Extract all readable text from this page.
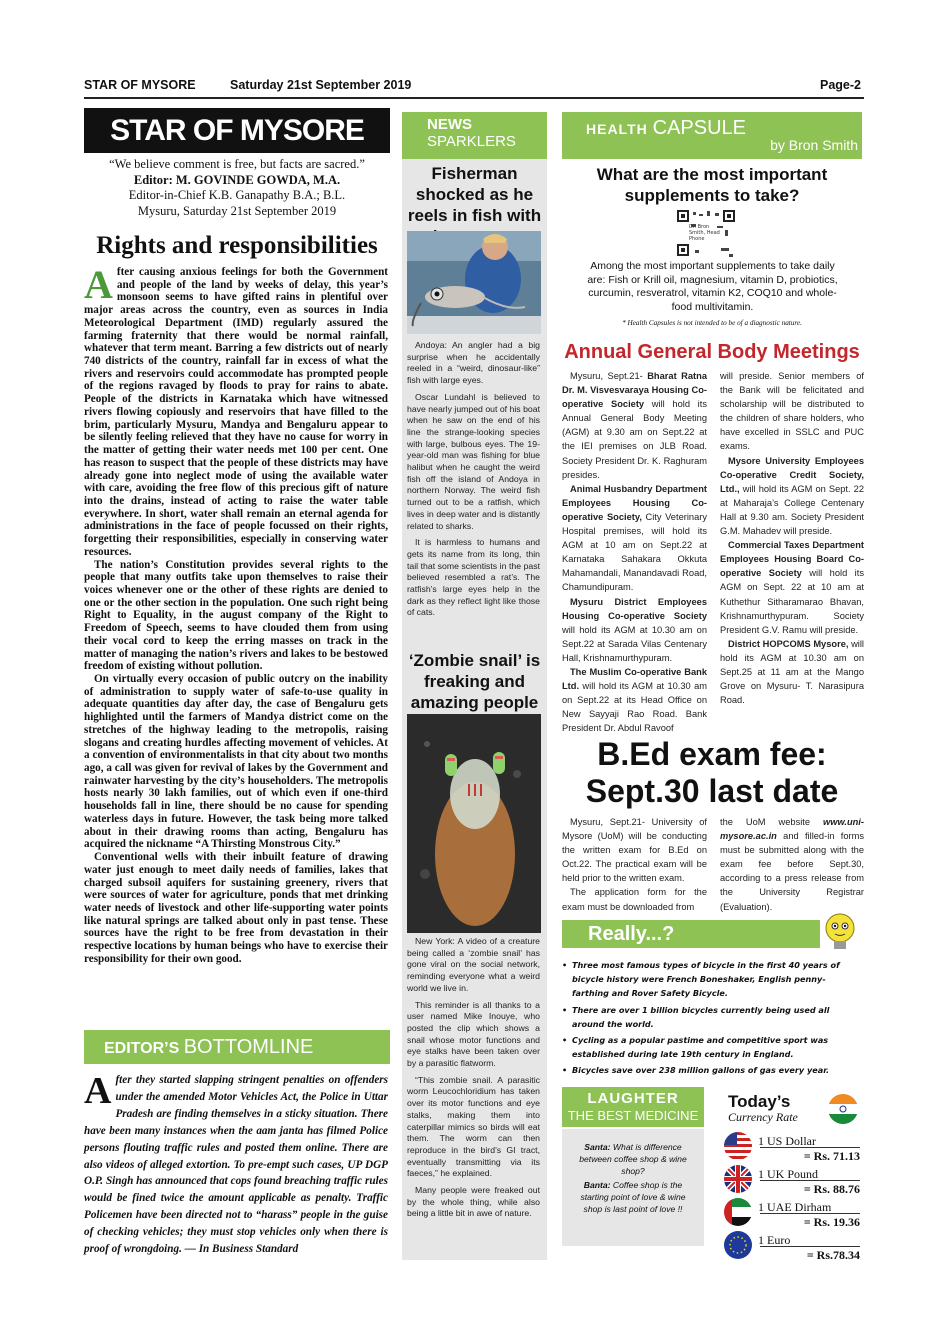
STAR OF MYSORE	Saturday 21st September 2019	Page-2
STAR OF MYSORE
“We believe comment is free, but facts are sacred.”
Editor: M. GOVINDE GOWDA, M.A.
Editor-in-Chief K.B. Ganapathy B.A.; B.L.
Mysuru, Saturday 21st September 2019
Rights and responsibilities
A fter causing anxious feelings for both the Government and people of the land by weeks of delay, this year’s monsoon seems to have gifted rains in plentiful over major areas across the country, even as sources in India Meteorological Department (IMD) regularly assured the farming fraternity that there would be normal rainfall, whatever that term meant. Barring a few districts out of nearly 740 districts of the country, rainfall far in excess of what the rivers and reservoirs could accommodate has prompted people of the regions ravaged by floods to pray for rains to abate. People of the districts in Karnataka which have witnessed rivers flowing copiously and reservoirs that have filled to the brim, particularly Mysuru, Mandya and Bengaluru appear to be silently feeling relieved that they have no cause for worry in the matter of getting their water needs met 100 per cent. One has reason to suspect that the people of these districts may have already gone into neglect mode of using the available water with care, avoiding the free flow of this precious gift of nature into the drains, instead of acting to raise the water table everywhere. In short, water shall remain an eternal agenda for administrations in the face of people focussed on their rights, forgetting their responsibilities, especially in conserving water resources.

The nation’s Constitution provides several rights to the people that many outfits take upon themselves to raise their voices whenever one or the other of these rights are denied to one or the other section in the population. One such right being Right to Equality, in the august company of the Right to Freedom of Speech, seems to have clouded them from using their vocal cord to keep the erring masses on track in the matter of managing the nation’s rivers and lakes to be bestowed freedom of existing without pollution.

On virtually every occasion of public outcry on the inability of administration to supply water of safe-to-use quality in adequate quantities day after day, the case of Bengaluru gets highlighted until the farmers of Mandya district come on the stretches of the highway leading to the metropolis, raising slogans and creating hurdles affecting movement of vehicles. At a convention of environmentalists in that city about two months ago, a call was given for revival of lakes by the Government and rainwater harvesting by the city’s householders. The metropolis hosts nearly 30 lakh families, out of which even if one-third households fall in line, there should be no cause for spending waterless days in future. However, the task being more talked about in their drawing rooms than acting, Bengaluru has acquired the nickname “A Thirsting Monstrous City.”

Conventional wells with their inbuilt feature of drawing water just enough to meet daily needs of families, lakes that charged subsoil aquifers for sustaining greenery, rivers that were sources of water for agriculture, ponds that met drinking water needs of livestock and other life-supporting water points like natural springs are talked about only in past tense. These sources have the right to be free from devastation in their respective locations by human beings who have to exercise their responsibility for their own good.

EDITOR’S BOTTOMLINE
A fter they started slapping stringent penalties on offenders under the amended Motor Vehicles Act, the Police in Uttar Pradesh are finding themselves in a sticky situation. There have been many instances when the aam janta has filmed Police persons flouting traffic rules and posted them online. There are also videos of alleged extortion. To pre-empt such cases, UP DGP O.P. Singh has announced that cops found breaching traffic rules would be fined twice the amount applicable as penalty. Traffic Policemen have been directed not to “harass” people in the guise of checking vehicles; they must stop vehicles only when there is proof of wrongdoing. — In Business Standard
NEWS
SPARKLERS
Fisherman shocked as he reels in fish with

Andoya: An angler had a big surprise when he accidentally reeled in a “weird, dinosaur-like” fish with large eyes.

Oscar Lundahl is believed to have nearly jumped out of his boat when he saw on the end of his line the strange-looking species with large, bulbous eyes. The 19-year-old man was fishing for blue halibut when he caught the weird fish off the island of Andoya in northern Norway. The weird fish turned out to be a ratfish, which lives in deep water and is distantly related to sharks.

It is harmless to humans and gets its name from its long, thin tail that some scientists in the past believed resembled a rat’s. The ratfish’s large eyes help in the dark as they reflect light like those of cats.

‘Zombie snail’ is freaking and amazing people

New York: A video of a creature being called a ‘zombie snail’ has gone viral on the social network, reminding everyone what a weird world we live in.

This reminder is all thanks to a user named Mike Inouye, who posted the clip which shows a snail whose motor functions and eye stalks have been taken over by a parasitic flatworm.

“This zombie snail. A parasitic worm Leucochloridium has taken over its motor functions and eye stalks, making them into caterpillar mimics so birds will eat them. The worm can then reproduce in the bird’s GI tract, eventually transmitting via its faeces,” he explained.

Many people were freaked out by the whole thing, while also being a little bit in awe of nature.

HEALTH CAPSULE
by Bron Smith
What are the most important supplements to take?
Dr. Bron Smith, Head Phone
Among the most important supplements to take daily are: Fish or Krill oil, magnesium, vitamin D, probiotics, curcumin, resveratrol, vitamin K2, COQ10 and whole-food multivitamin.
* Health Capsules is not intended to be of a diagnostic nature.
Annual General Body Meetings

Mysuru, Sept.21- Bharat Ratna Dr. M. Visvesvaraya Housing Co-operative Society will hold its Annual General Body Meeting (AGM) at 9.30 am on Sept.22 at the IEI premises on JLB Road. Society President Dr. K. Raghuram presides.

Animal Husbandry Department Employees Housing Co-operative Society, City Veterinary Hospital premises, will hold its AGM at 10 am on Sept.22 at Karnataka Sahakara Okkuta Mahamandali, Manandavadi Road, Chamundipuram.

Mysuru District Employees Housing Co-operative Society will hold its AGM at 10.30 am on Sept.22 at Sarada Vilas Centenary Hall, Krishnamurthypuram.

The Muslim Co-operative Bank Ltd. will hold its AGM at 10.30 am on Sept.22 at its Head Office on New Sayyaji Rao Road. Bank President Dr. Abdul Ravoof

will preside. Senior members of the Bank will be felicitated and scholarship will be distributed to the children of share holders, who have excelled in SSLC and PUC exams.

Mysore University Employees Co-operative Credit Society, Ltd., will hold its AGM on Sept. 22 at Maharaja’s College Centenary Hall at 9.30 am. Society President G.M. Mahadev will preside.

Commercial Taxes Department Employees Housing Board Co-operative Society will hold its AGM on Sept. 22 at 10 am at Kuthethur Sitharamarao Bhavan, Krishnamurthypuram. Society President G.V. Ramu will preside.

District HOPCOMS Mysore, will hold its AGM at 10.30 am on Sept.25 at 11 am at the Mango Grove on Mysuru- T. Narasipura Road.

B.Ed exam fee: Sept.30 last date

Mysuru, Sept.21- University of Mysore (UoM) will be conducting the written exam for B.Ed on Oct.22. The practical exam will be held prior to the written exam.

The application form for the exam must be downloaded from

the UoM website www.uni-mysore.ac.in and filled-in forms must be submitted along with the exam fee before Sept.30, according to a press release from the University Registrar (Evaluation).
Really...?
• Three most famous types of bicycle in the first 40 years of bicycle history were French Boneshaker, English penny-farthing and Rover Safety Bicycle.
• There are over 1 billion bicycles currently being used all around the world.
• Cycling as a popular pastime and competitive sport was established during late 19th century in England.
• Bicycles save over 238 million gallons of gas every year.
LAUGHTER
THE BEST MEDICINE

Santa: What is difference between coffee shop & wine shop?

Banta: Coffee shop is the starting point of love & wine shop is last point of love !!

Today’s
Currency Rate
1 US Dollar
= Rs. 71.13
1 UK Pound
= Rs. 88.76
1 UAE Dirham
= Rs. 19.36
1 Euro
= Rs.78.34
